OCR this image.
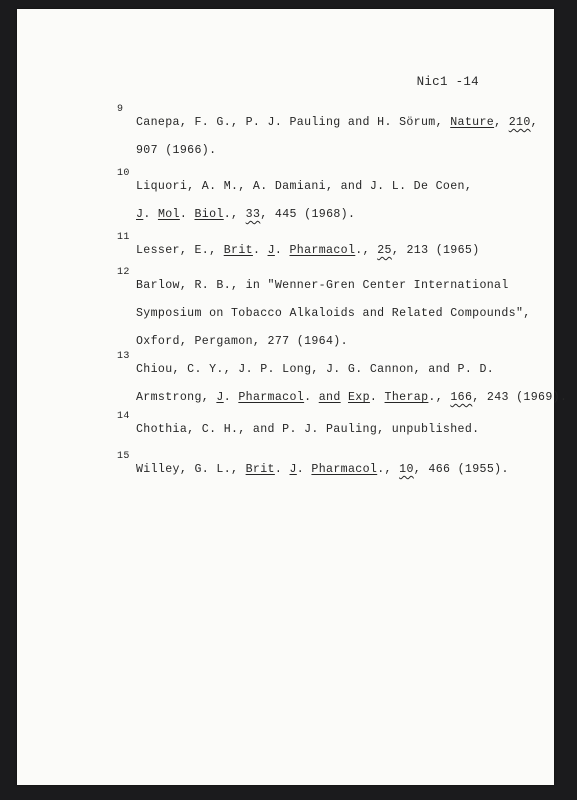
Nic1 -14
9
Canepa, F. G., P. J. Pauling and H. Sörum, Nature, 210,
907 (1966).
10
Liquori, A. M., A. Damiani, and J. L. De Coen,
J. Mol. Biol., 33, 445 (1968).
11
Lesser, E., Brit. J. Pharmacol., 25, 213 (1965)
12
Barlow, R. B., in "Wenner-Gren Center International
Symposium on Tobacco Alkaloids and Related Compounds",
Oxford, Pergamon, 277 (1964).
13
Chiou, C. Y., J. P. Long, J. G. Cannon, and P. D.
Armstrong, J. Pharmacol. and Exp. Therap., 166, 243 (1969).
14
Chothia, C. H., and P. J. Pauling, unpublished.
15
Willey, G. L., Brit. J. Pharmacol., 10, 466 (1955).
